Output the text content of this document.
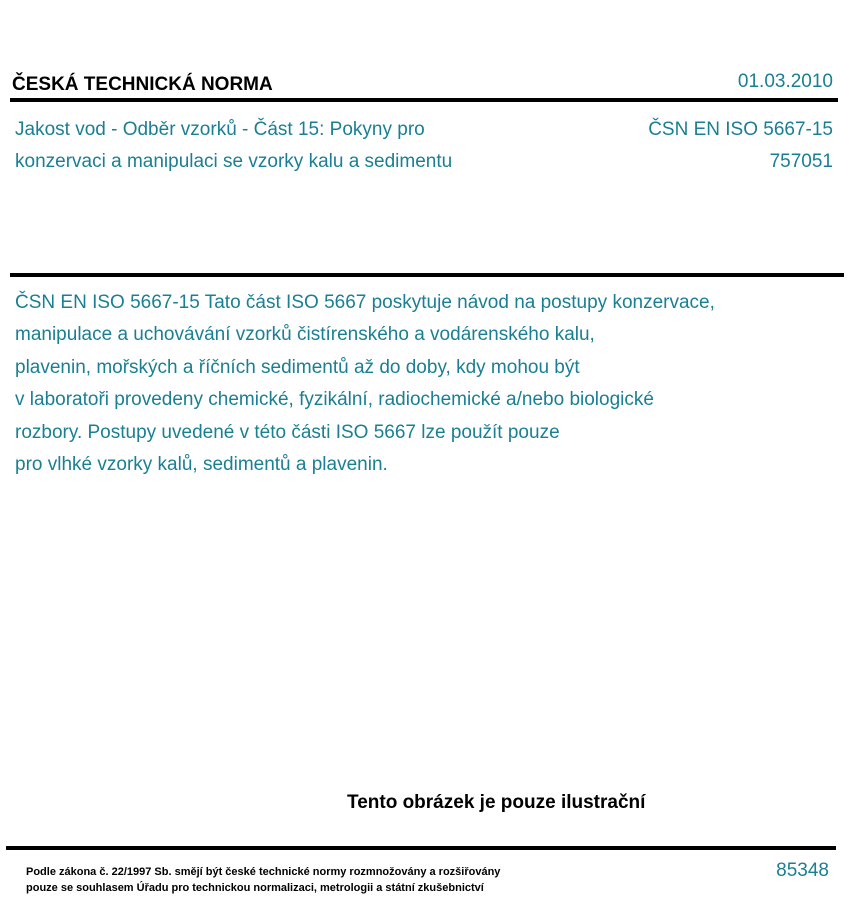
ČESKÁ TECHNICKÁ NORMA	01.03.2010
Jakost vod - Odběr vzorků - Část 15: Pokyny pro
konzervaci a manipulaci se vzorky kalu a sedimentu
ČSN EN ISO 5667-15
757051
ČSN EN ISO 5667-15 Tato část ISO 5667 poskytuje návod na postupy konzervace,
manipulace a uchovávání vzorků čistírenského a vodárenského kalu,
plavenin, mořských a říčních sedimentů až do doby, kdy mohou být
v laboratoři provedeny chemické, fyzikální, radiochemické a/nebo biologické
rozbory. Postupy uvedené v této části ISO 5667 lze použít pouze
pro vlhké vzorky kalů, sedimentů a plavenin.
Tento obrázek je pouze ilustrační
Podle zákona č. 22/1997 Sb. smějí být české technické normy rozmnožovány a rozšiřovány
pouze se souhlasem Úřadu pro technickou normalizaci, metrologii a státní zkušebnictví
85348
